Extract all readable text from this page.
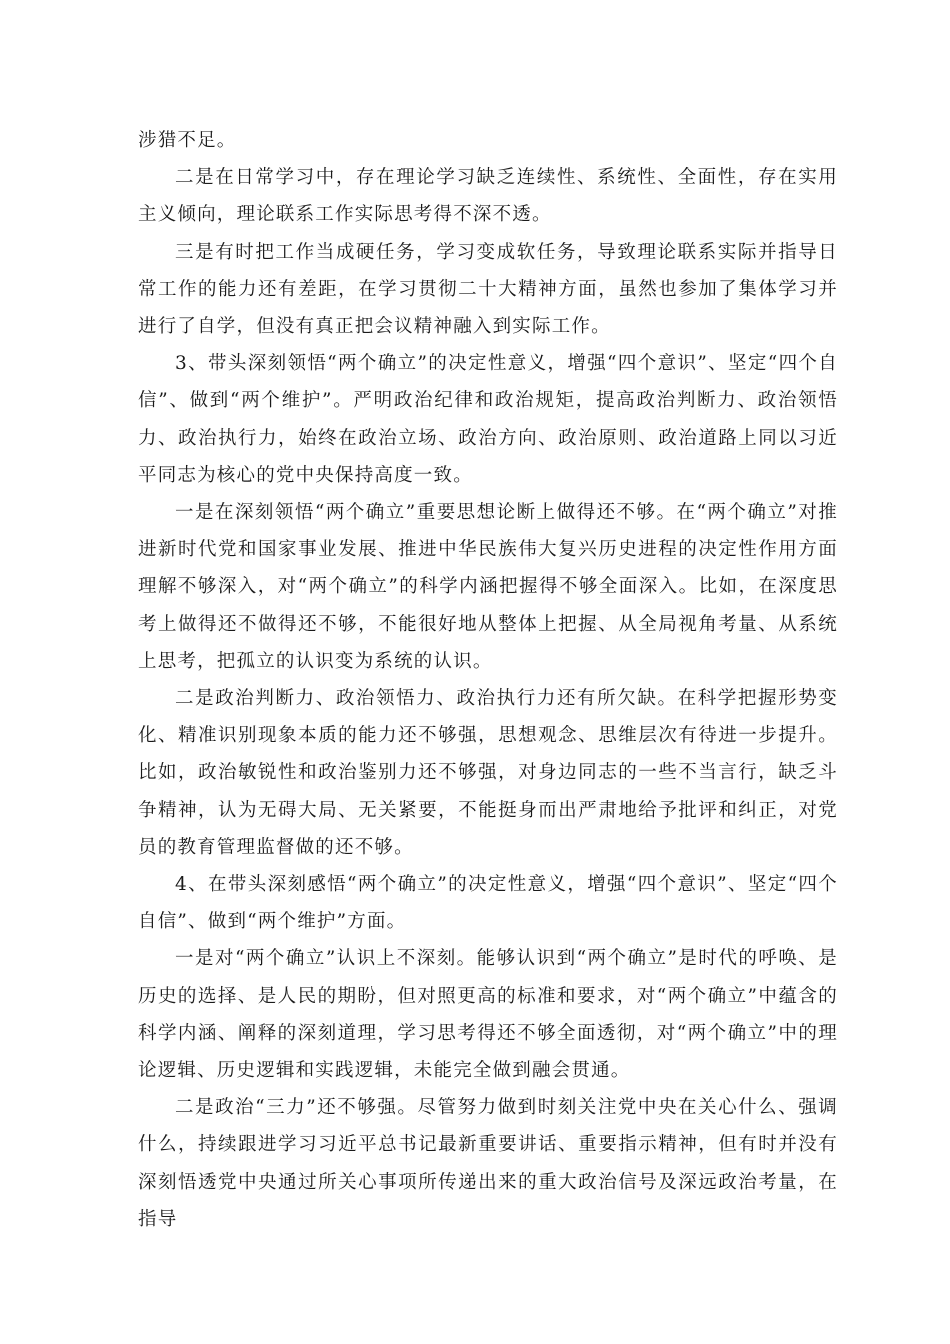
涉猎不足。

二是在日常学习中，存在理论学习缺乏连续性、系统性、全面性，存在实用主义倾向，理论联系工作实际思考得不深不透。

三是有时把工作当成硬任务，学习变成软任务，导致理论联系实际并指导日常工作的能力还有差距，在学习贯彻二十大精神方面，虽然也参加了集体学习并进行了自学，但没有真正把会议精神融入到实际工作。

3、带头深刻领悟“两个确立”的决定性意义，增强“四个意识”、坚定“四个自信”、做到“两个维护”。严明政治纪律和政治规矩，提高政治判断力、政治领悟力、政治执行力，始终在政治立场、政治方向、政治原则、政治道路上同以习近平同志为核心的党中央保持高度一致。

一是在深刻领悟“两个确立”重要思想论断上做得还不够。在“两个确立”对推进新时代党和国家事业发展、推进中华民族伟大复兴历史进程的决定性作用方面理解不够深入，对“两个确立”的科学内涵把握得不够全面深入。比如，在深度思考上做得还不做得还不够，不能很好地从整体上把握、从全局视角考量、从系统上思考，把孤立的认识变为系统的认识。

二是政治判断力、政治领悟力、政治执行力还有所欠缺。在科学把握形势变化、精准识别现象本质的能力还不够强，思想观念、思维层次有待进一步提升。比如，政治敏锐性和政治鉴别力还不够强，对身边同志的一些不当言行，缺乏斗争精神，认为无碍大局、无关紧要，不能挺身而出严肃地给予批评和纠正，对党员的教育管理监督做的还不够。

4、在带头深刻感悟“两个确立”的决定性意义，增强“四个意识”、坚定“四个自信”、做到“两个维护”方面。

一是对“两个确立”认识上不深刻。能够认识到“两个确立”是时代的呼唤、是历史的选择、是人民的期盼，但对照更高的标准和要求，对“两个确立”中蕴含的科学内涵、阐释的深刻道理，学习思考得还不够全面透彻，对“两个确立”中的理论逻辑、历史逻辑和实践逻辑，未能完全做到融会贯通。

二是政治“三力”还不够强。尽管努力做到时刻关注党中央在关心什么、强调什么，持续跟进学习习近平总书记最新重要讲话、重要指示精神，但有时并没有深刻悟透党中央通过所关心事项所传递出来的重大政治信号及深远政治考量，在指导
